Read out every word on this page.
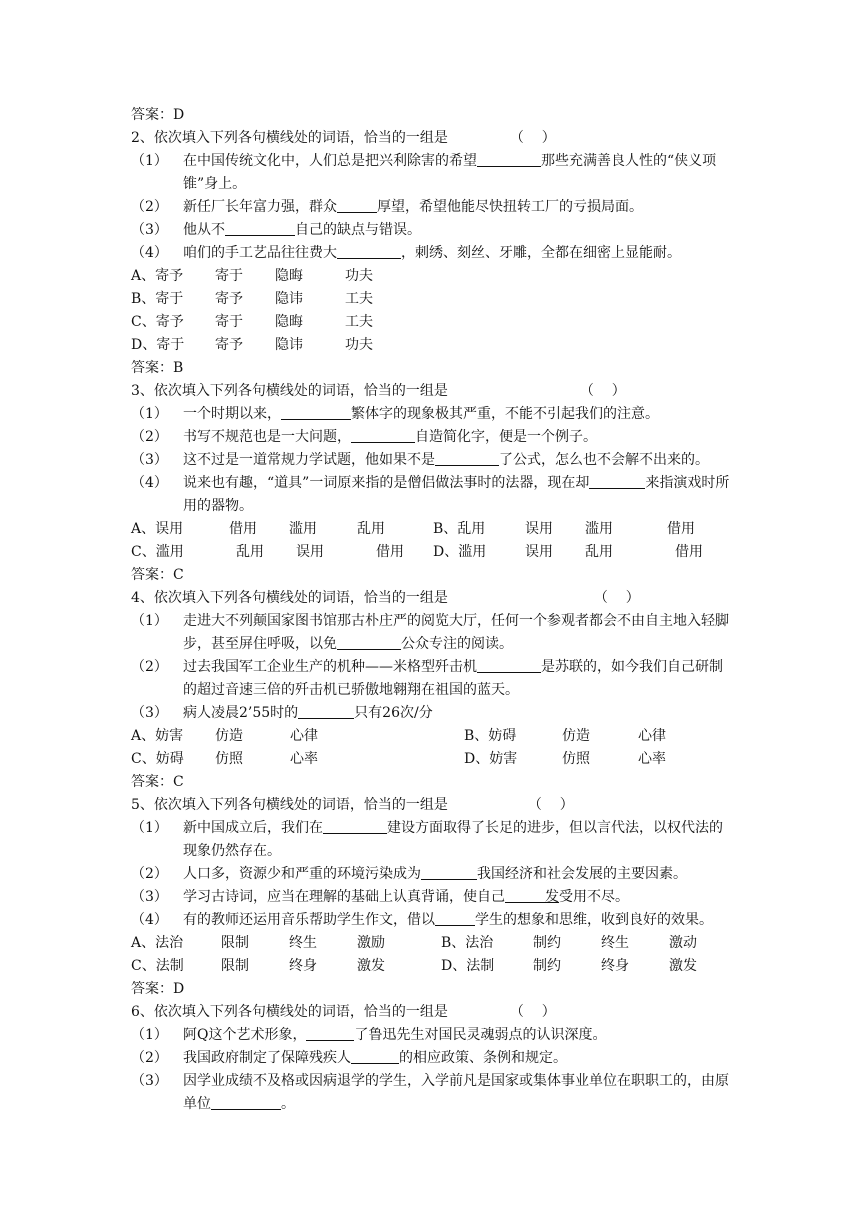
答案：D
2、依次填入下列各句横线处的词语，恰当的一组是	（    ）
（1）	在中国传统文化中，人们总是把兴利除害的希望	那些充满善良人性的“侠义项锥”身上。
（2）	新任厂长年富力强，群众	厚望，希望他能尽快扭转工厂的亏损局面。
（3）	他从不	自己的缺点与错误。
（4）	咱们的手工艺品往往费大	，刺绣、刻丝、牙雕，全都在细密上显能耐。
A、寄予	寄于	隐晦	功夫
B、寄于	寄予	隐讳	工夫
C、寄予	寄于	隐晦	工夫
D、寄于	寄予	隐讳	功夫
答案：B
3、依次填入下列各句横线处的词语，恰当的一组是	（    ）
（1）	一个时期以来，	繁体字的现象极其严重，不能不引起我们的注意。
（2）	书写不规范也是一大问题，	自造简化字，便是一个例子。
（3）	这不过是一道常规力学试题，他如果不是	了公式，怎么也不会解不出来的。
（4）	说来也有趣，“道具”一词原来指的是僧侣做法事时的法器，现在却	来指演戏时所用的器物。
A、误用	借用	滥用	乱用	B、乱用	误用	滥用	借用
C、滥用	乱用	误用	借用	D、滥用	误用	乱用	借用
答案：C
4、依次填入下列各句横线处的词语，恰当的一组是	（    ）
（1）	走进大不列颠国家图书馆那古朴庄严的阅览大厅，任何一个参观者都会不由自主地入轻脚步，甚至屏住呼吸，以免	公众专注的阅读。
（2）	过去我国军工企业生产的机种——米格型歼击机	是苏联的，如今我们自己研制的超过音速三倍的歼击机已骄傲地翱翔在祖国的蓝天。
（3）	病人凌晨2’55时的	只有26次/分
A、妨害	仿造	心律	B、妨碍	仿造	心律
C、妨碍	仿照	心率	D、妨害	仿照	心率
答案：C
5、依次填入下列各句横线处的词语，恰当的一组是	（    ）
（1）	新中国成立后，我们在	建设方面取得了长足的进步，但以言代法，以权代法的现象仍然存在。
（2）	人口多，资源少和严重的环境污染成为	我国经济和社会发展的主要因素。
（3）	学习古诗词，应当在理解的基础上认真背诵，使自己	发受用不尽。
（4）	有的教师还运用音乐帮助学生作文，借以	学生的想象和思维，收到良好的效果。
A、法治	限制	终生	激励	B、法治	制约	终生	激动
C、法制	限制	终身	激发	D、法制	制约	终身	激发
答案：D
6、依次填入下列各句横线处的词语，恰当的一组是	（    ）
（1）	阿Q这个艺术形象，	了鲁迅先生对国民灵魂弱点的认识深度。
（2）	我国政府制定了保障残疾人	的相应政策、条例和规定。
（3）	因学业成绩不及格或因病退学的学生，入学前凡是国家或集体事业单位在职职工的，由原单位	。
